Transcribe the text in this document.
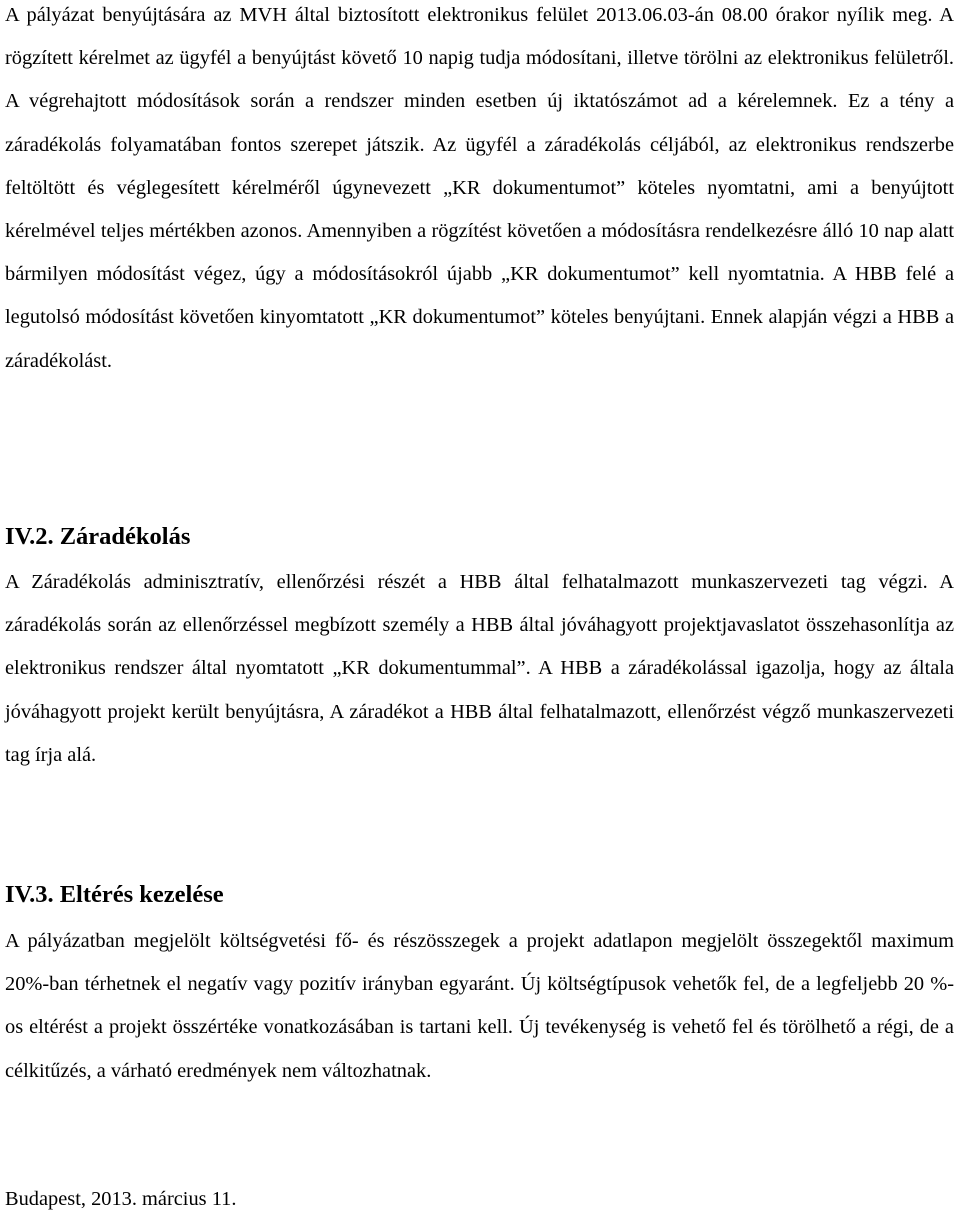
A pályázat benyújtására az MVH által biztosított elektronikus felület 2013.06.03-án 08.00 órakor nyílik meg. A rögzített kérelmet az ügyfél a benyújtást követő 10 napig tudja módosítani, illetve törölni az elektronikus felületről. A végrehajtott módosítások során a rendszer minden esetben új iktatószámot ad a kérelemnek. Ez a tény a záradékolás folyamatában fontos szerepet játszik. Az ügyfél a záradékolás céljából, az elektronikus rendszerbe feltöltött és véglegesített kérelméről úgynevezett „KR dokumentumot” köteles nyomtatni, ami a benyújtott kérelmével teljes mértékben azonos. Amennyiben a rögzítést követően a módosításra rendelkezésre álló 10 nap alatt bármilyen módosítást végez, úgy a módosításokról újabb „KR dokumentumot” kell nyomtatnia. A HBB felé a legutolsó módosítást követően kinyomtatott „KR dokumentumot” köteles benyújtani. Ennek alapján végzi a HBB a záradékolást.

IV.2. Záradékolás

A Záradékolás adminisztratív, ellenőrzési részét a HBB által felhatalmazott munkaszervezeti tag végzi. A záradékolás során az ellenőrzéssel megbízott személy a HBB által jóváhagyott projektjavaslatot összehasonlítja az elektronikus rendszer által nyomtatott „KR dokumentummal”. A HBB a záradékolással igazolja, hogy az általa jóváhagyott projekt került benyújtásra, A záradékot a HBB által felhatalmazott, ellenőrzést végző munkaszervezeti tag írja alá.

IV.3. Eltérés kezelése

A pályázatban megjelölt költségvetési fő- és részösszegek a projekt adatlapon megjelölt összegektől maximum 20%-ban térhetnek el negatív vagy pozitív irányban egyaránt. Új költségtípusok vehetők fel, de a legfeljebb 20 %-os eltérést a projekt összértéke vonatkozásában is tartani kell. Új tevékenység is vehető fel és törölhető a régi, de a célkitűzés, a várható eredmények nem változhatnak.

Budapest, 2013. március 11.
